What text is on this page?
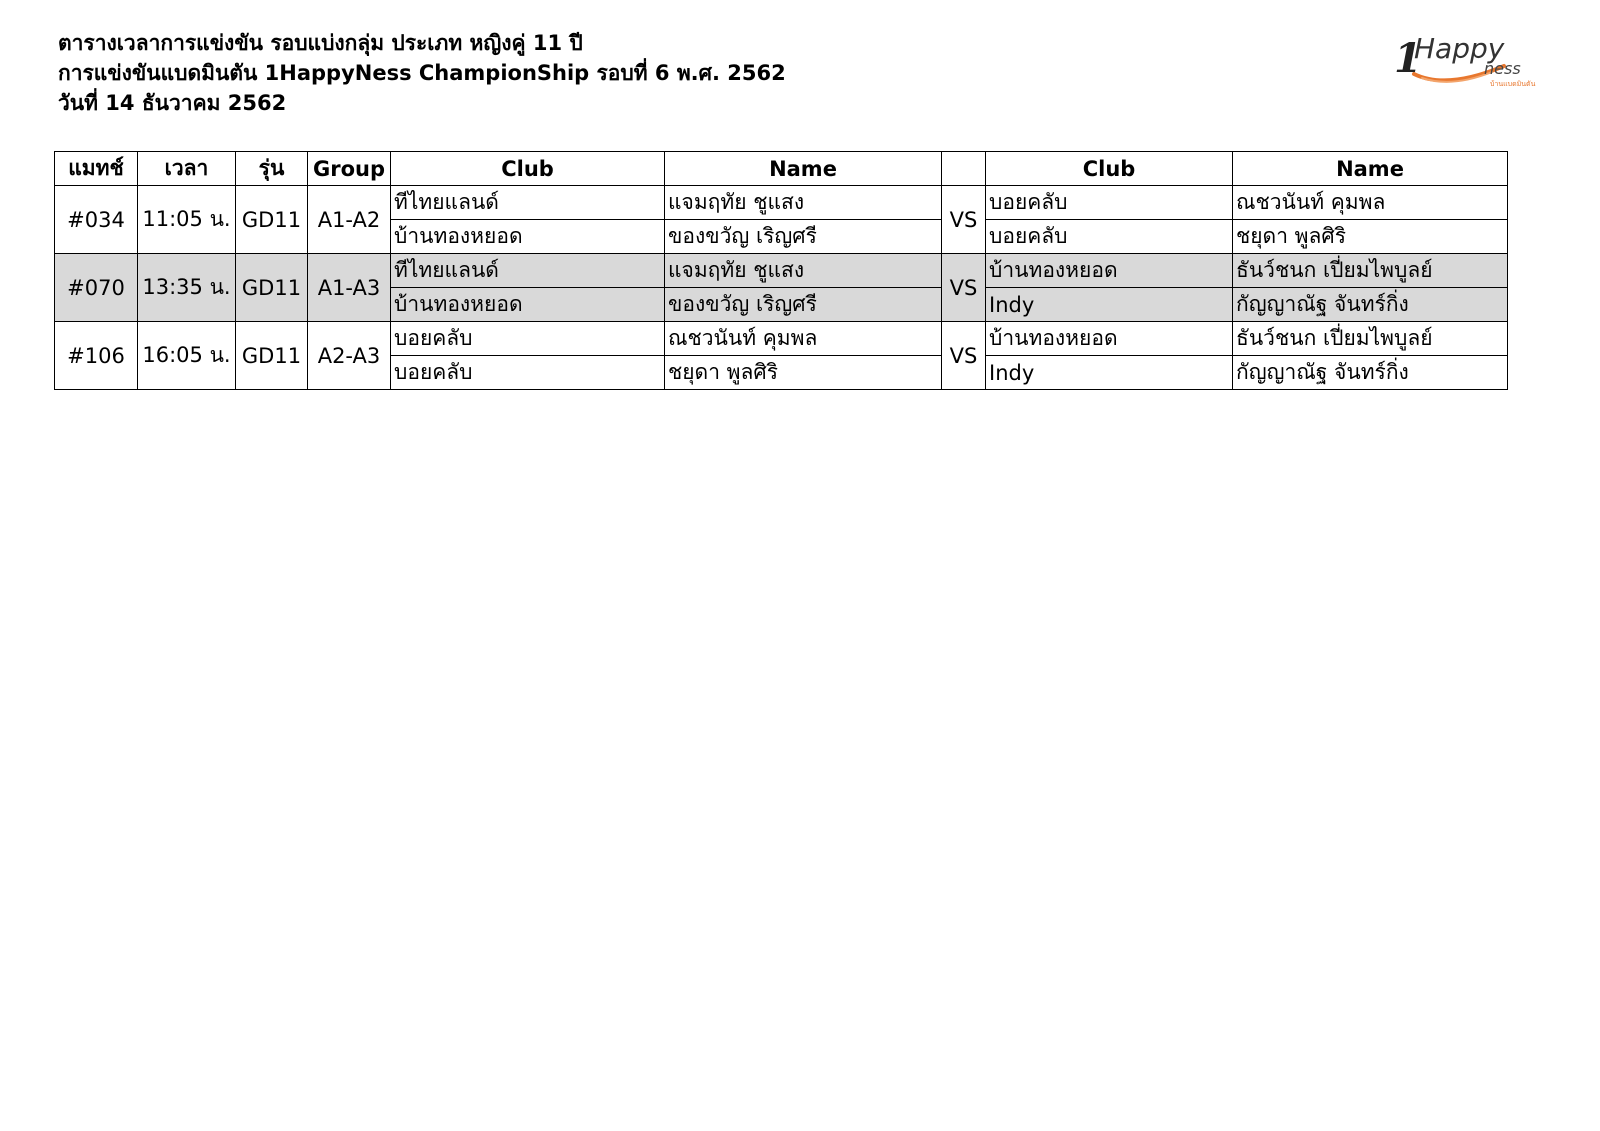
ตารางเวลาการแข่งขัน รอบแบ่งกลุ่ม ประเภท หญิงคู่ 11 ปี
การแข่งขันแบดมินตัน 1HappyNess ChampionShip รอบที่ 6 พ.ศ. 2562
วันที่ 14 ธันวาคม 2562
1
Happy
ness
บ้านแบดมินตัน
แมทช์	เวลา	รุ่น	Group	Club	Name		Club	Name
#034	11:05 น.	GD11	A1-A2	ทีไทยแลนด์	แจมฤทัย ชูแสง	VS	บอยคลับ	ณชวนันท์ คุมพล
				บ้านทองหยอด	ของขวัญ เริญศรี		บอยคลับ	ชยุดา พูลศิริ
#070	13:35 น.	GD11	A1-A3	ทีไทยแลนด์	แจมฤทัย ชูแสง	VS	บ้านทองหยอด	ธันว์ชนก เปี่ยมไพบูลย์
				บ้านทองหยอด	ของขวัญ เริญศรี		Indy	กัญญาณัฐ จันทร์กิ่ง
#106	16:05 น.	GD11	A2-A3	บอยคลับ	ณชวนันท์ คุมพล	VS	บ้านทองหยอด	ธันว์ชนก เปี่ยมไพบูลย์
				บอยคลับ	ชยุดา พูลศิริ		Indy	กัญญาณัฐ จันทร์กิ่ง
